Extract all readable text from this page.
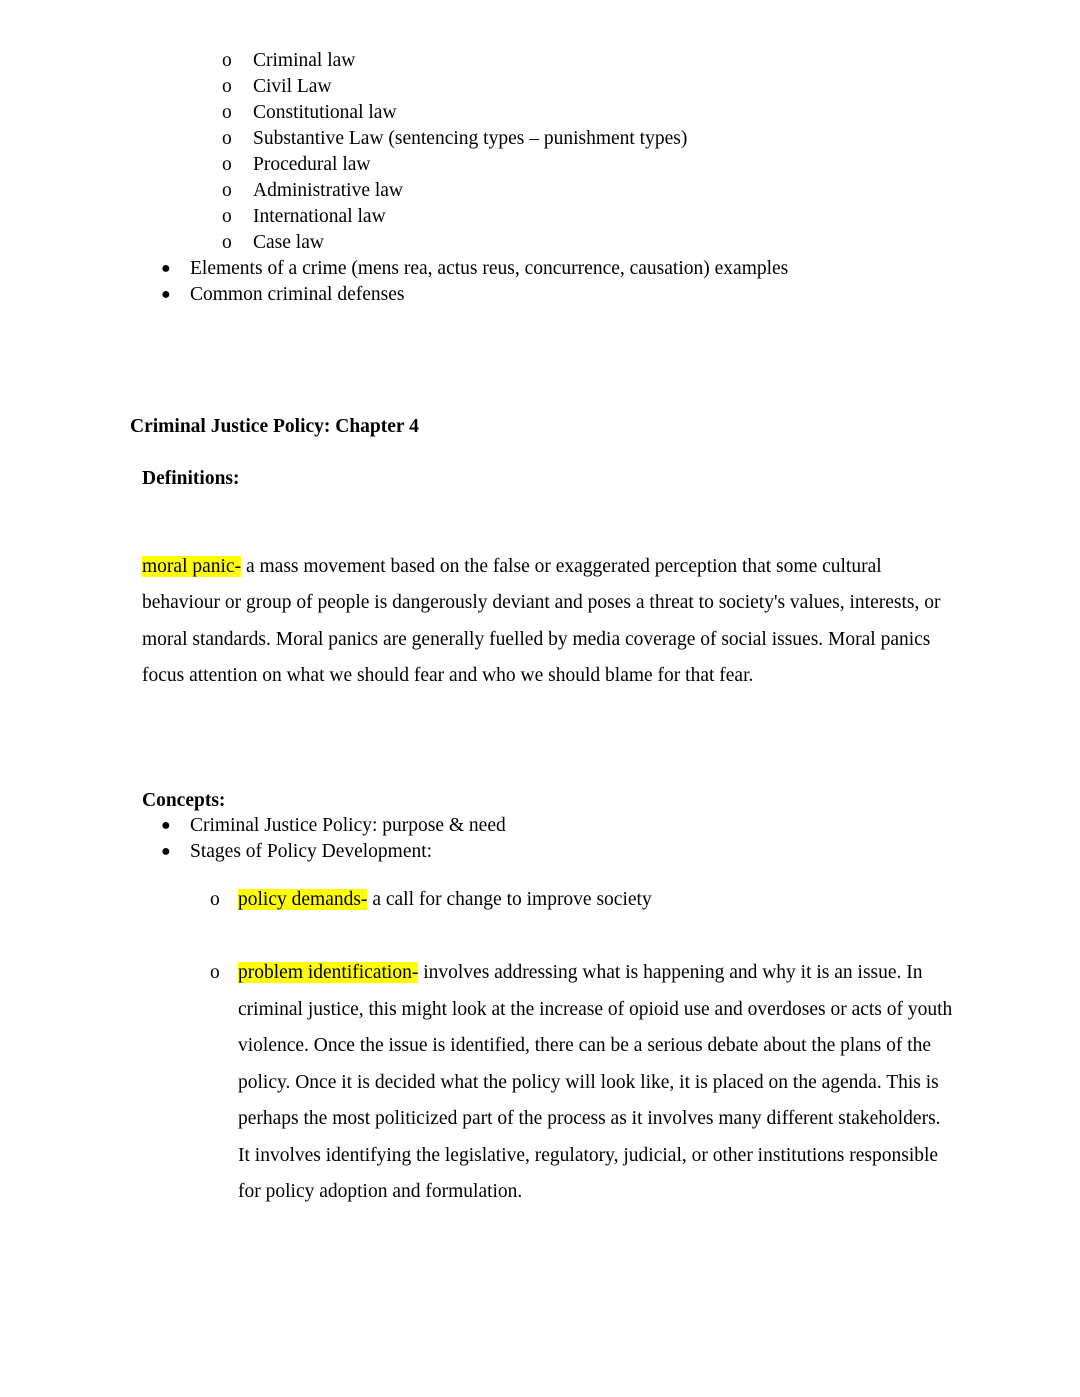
o Criminal law
o Civil Law
o Constitutional law
o Substantive Law (sentencing types – punishment types)
o Procedural law
o Administrative law
o International law
o Case law
● Elements of a crime (mens rea, actus reus, concurrence, causation) examples
● Common criminal defenses
Criminal Justice Policy: Chapter 4
Definitions:

moral panic- a mass movement based on the false or exaggerated perception that some cultural behaviour or group of people is dangerously deviant and poses a threat to society's values, interests, or moral standards. Moral panics are generally fuelled by media coverage of social issues. Moral panics focus attention on what we should fear and who we should blame for that fear.

Concepts:
● Criminal Justice Policy: purpose & need
● Stages of Policy Development:
o policy demands- a call for change to improve society
o problem identification- involves addressing what is happening and why it is an issue. In criminal justice, this might look at the increase of opioid use and overdoses or acts of youth violence. Once the issue is identified, there can be a serious debate about the plans of the policy. Once it is decided what the policy will look like, it is placed on the agenda. This is perhaps the most politicized part of the process as it involves many different stakeholders. It involves identifying the legislative, regulatory, judicial, or other institutions responsible for policy adoption and formulation.
